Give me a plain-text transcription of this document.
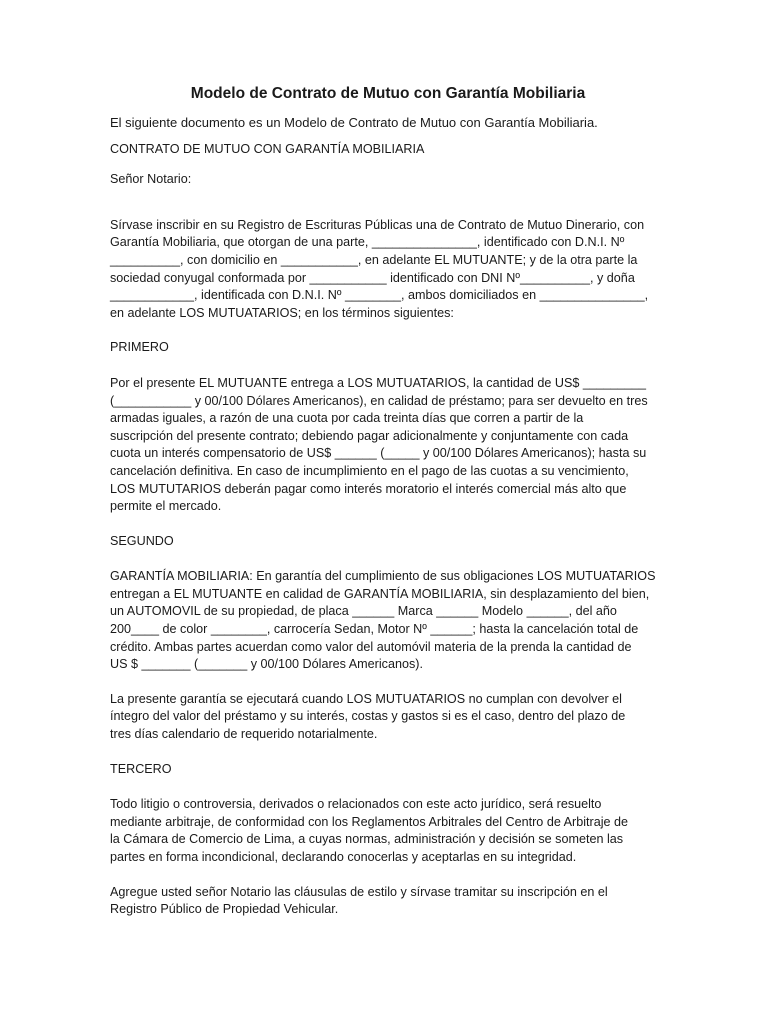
Modelo de Contrato de Mutuo con Garantía Mobiliaria

El siguiente documento es un Modelo de Contrato de Mutuo con Garantía Mobiliaria.

CONTRATO DE MUTUO CON GARANTÍA MOBILIARIA

Señor Notario:

Sírvase inscribir en su Registro de Escrituras Públicas una de Contrato de Mutuo Dinerario, con
Garantía Mobiliaria, que otorgan de una parte, _______________, identificado con D.N.I. Nº
__________, con domicilio en ___________, en adelante EL MUTUANTE; y de la otra parte la
sociedad conyugal conformada por ___________ identificado con DNI Nº__________, y doña
____________, identificada con D.N.I. Nº ________, ambos domiciliados en _______________,
en adelante LOS MUTUATARIOS; en los términos siguientes:

PRIMERO

Por el presente EL MUTUANTE entrega a LOS MUTUATARIOS, la cantidad de US$ _________
(___________ y 00/100 Dólares Americanos), en calidad de préstamo; para ser devuelto en tres
armadas iguales, a razón de una cuota por cada treinta días que corren a partir de la
suscripción del presente contrato; debiendo pagar adicionalmente y conjuntamente con cada
cuota un interés compensatorio de US$ ______ (_____ y 00/100 Dólares Americanos); hasta su
cancelación definitiva. En caso de incumplimiento en el pago de las cuotas a su vencimiento,
LOS MUTUTARIOS deberán pagar como interés moratorio el interés comercial más alto que
permite el mercado.

SEGUNDO

GARANTÍA MOBILIARIA: En garantía del cumplimiento de sus obligaciones LOS MUTUATARIOS
entregan a EL MUTUANTE en calidad de GARANTÍA MOBILIARIA, sin desplazamiento del bien,
un AUTOMOVIL de su propiedad, de placa ______ Marca ______ Modelo ______, del año
200____ de color ________, carrocería Sedan, Motor Nº ______; hasta la cancelación total de
crédito. Ambas partes acuerdan como valor del automóvil materia de la prenda la cantidad de
US $ _______ (_______ y 00/100 Dólares Americanos).

La presente garantía se ejecutará cuando LOS MUTUATARIOS no cumplan con devolver el
íntegro del valor del préstamo y su interés, costas y gastos si es el caso, dentro del plazo de
tres días calendario de requerido notarialmente.

TERCERO

Todo litigio o controversia, derivados o relacionados con este acto jurídico, será resuelto
mediante arbitraje, de conformidad con los Reglamentos Arbitrales del Centro de Arbitraje de
la Cámara de Comercio de Lima, a cuyas normas, administración y decisión se someten las
partes en forma incondicional, declarando conocerlas y aceptarlas en su integridad.

Agregue usted señor Notario las cláusulas de estilo y sírvase tramitar su inscripción en el
Registro Público de Propiedad Vehicular.
